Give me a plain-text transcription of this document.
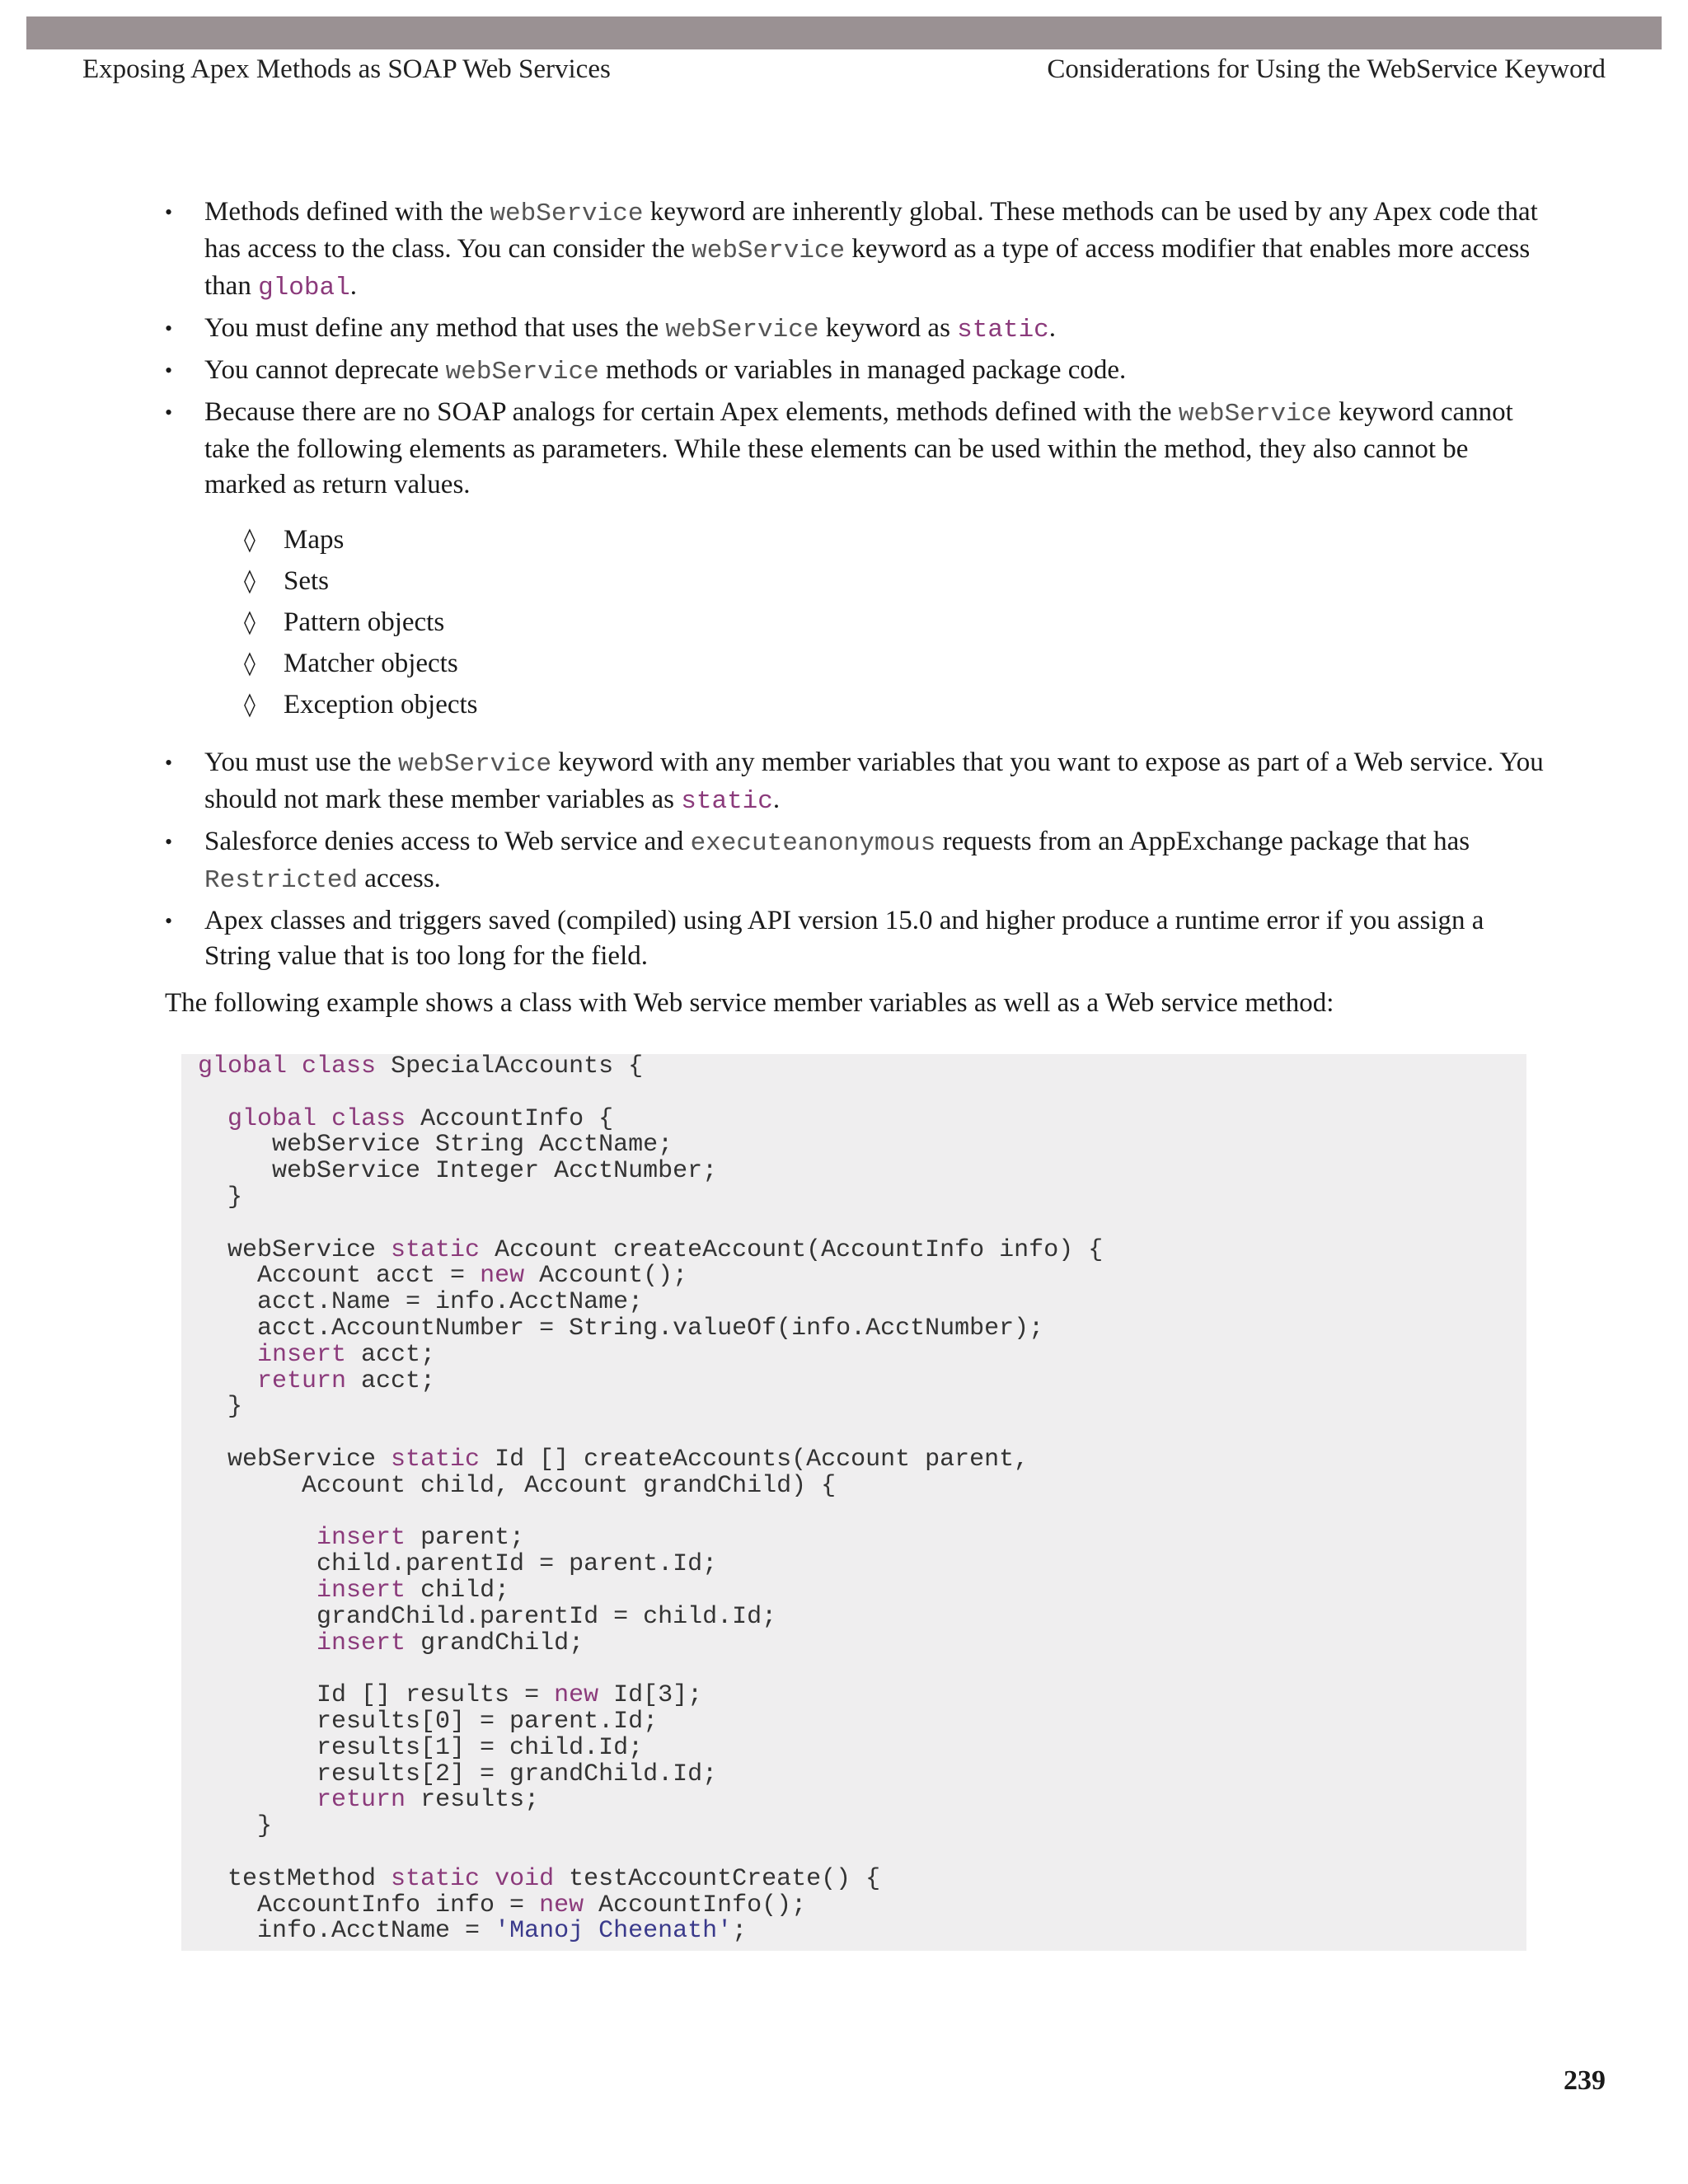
Exposing Apex Methods as SOAP Web Services	Considerations for Using the WebService Keyword
•	Methods defined with the webService keyword are inherently global. These methods can be used by any Apex code that has access to the class. You can consider the webService keyword as a type of access modifier that enables more access than global.
•	You must define any method that uses the webService keyword as static.
•	You cannot deprecate webService methods or variables in managed package code.
•	Because there are no SOAP analogs for certain Apex elements, methods defined with the webService keyword cannot take the following elements as parameters. While these elements can be used within the method, they also cannot be marked as return values.
◊ Maps
◊ Sets
◊ Pattern objects
◊ Matcher objects
◊ Exception objects
•	You must use the webService keyword with any member variables that you want to expose as part of a Web service. You should not mark these member variables as static.
•	Salesforce denies access to Web service and executeanonymous requests from an AppExchange package that has Restricted access.
•	Apex classes and triggers saved (compiled) using API version 15.0 and higher produce a runtime error if you assign a String value that is too long for the field.

The following example shows a class with Web service member variables as well as a Web service method:

global class SpecialAccounts {

global class AccountInfo {
webService String AcctName;
webService Integer AcctNumber;
}

webService static Account createAccount(AccountInfo info) {
Account acct = new Account();
acct.Name = info.AcctName;
acct.AccountNumber = String.valueOf(info.AcctNumber);
insert acct;
return acct;
}

webService static Id [] createAccounts(Account parent,
Account child, Account grandChild) {

insert parent;
child.parentId = parent.Id;
insert child;
grandChild.parentId = child.Id;
insert grandChild;

Id [] results = new Id[3];
results[0] = parent.Id;
results[1] = child.Id;
results[2] = grandChild.Id;
return results;
}

testMethod static void testAccountCreate() {
AccountInfo info = new AccountInfo();
info.AcctName = 'Manoj Cheenath';

239
